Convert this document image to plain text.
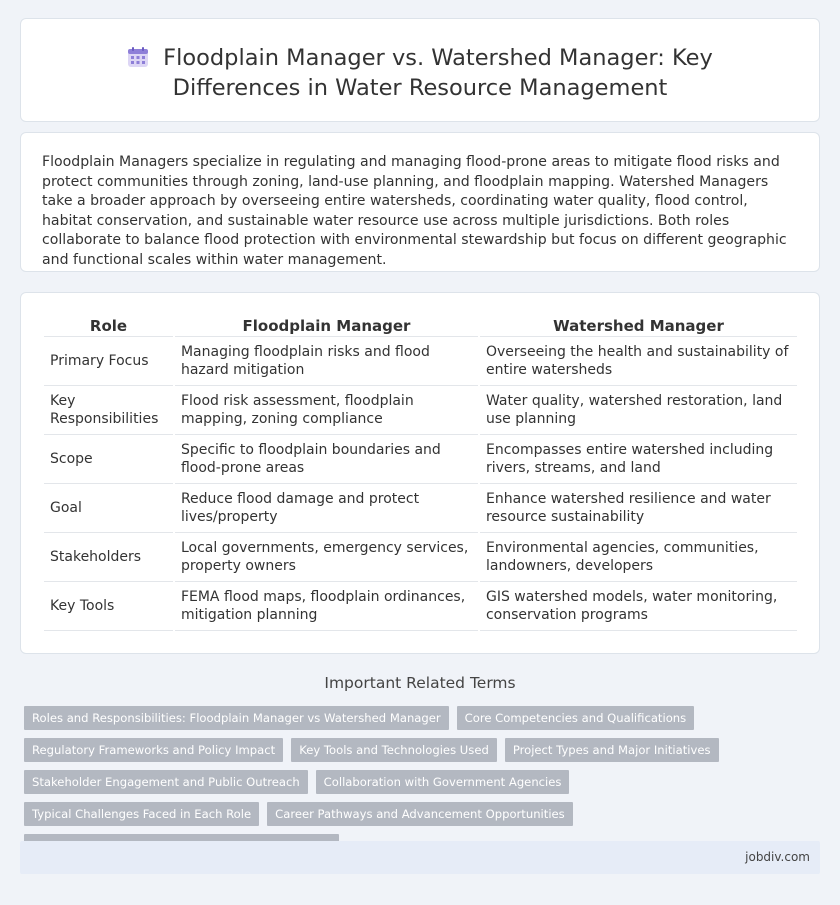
Floodplain Manager vs. Watershed Manager: Key Differences in Water Resource Management

Floodplain Managers specialize in regulating and managing flood-prone areas to mitigate flood risks and protect communities through zoning, land-use planning, and floodplain mapping. Watershed Managers take a broader approach by overseeing entire watersheds, coordinating water quality, flood control, habitat conservation, and sustainable water resource use across multiple jurisdictions. Both roles collaborate to balance flood protection with environmental stewardship but focus on different geographic and functional scales within water management.

Role	Floodplain Manager	Watershed Manager
Primary Focus	Managing floodplain risks and flood hazard mitigation	Overseeing the health and sustainability of entire watersheds
Key Responsibilities	Flood risk assessment, floodplain mapping, zoning compliance	Water quality, watershed restoration, land use planning
Scope	Specific to floodplain boundaries and flood-prone areas	Encompasses entire watershed including rivers, streams, and land
Goal	Reduce flood damage and protect lives/property	Enhance watershed resilience and water resource sustainability
Stakeholders	Local governments, emergency services, property owners	Environmental agencies, communities, landowners, developers
Key Tools	FEMA flood maps, floodplain ordinances, mitigation planning	GIS watershed models, water monitoring, conservation programs
Important Related Terms
Roles and Responsibilities: Floodplain Manager vs Watershed Manager	Core Competencies and Qualifications
Regulatory Frameworks and Policy Impact	Key Tools and Technologies Used	Project Types and Major Initiatives
Stakeholder Engagement and Public Outreach	Collaboration with Government Agencies
Typical Challenges Faced in Each Role	Career Pathways and Advancement Opportunities
jobdiv.com
